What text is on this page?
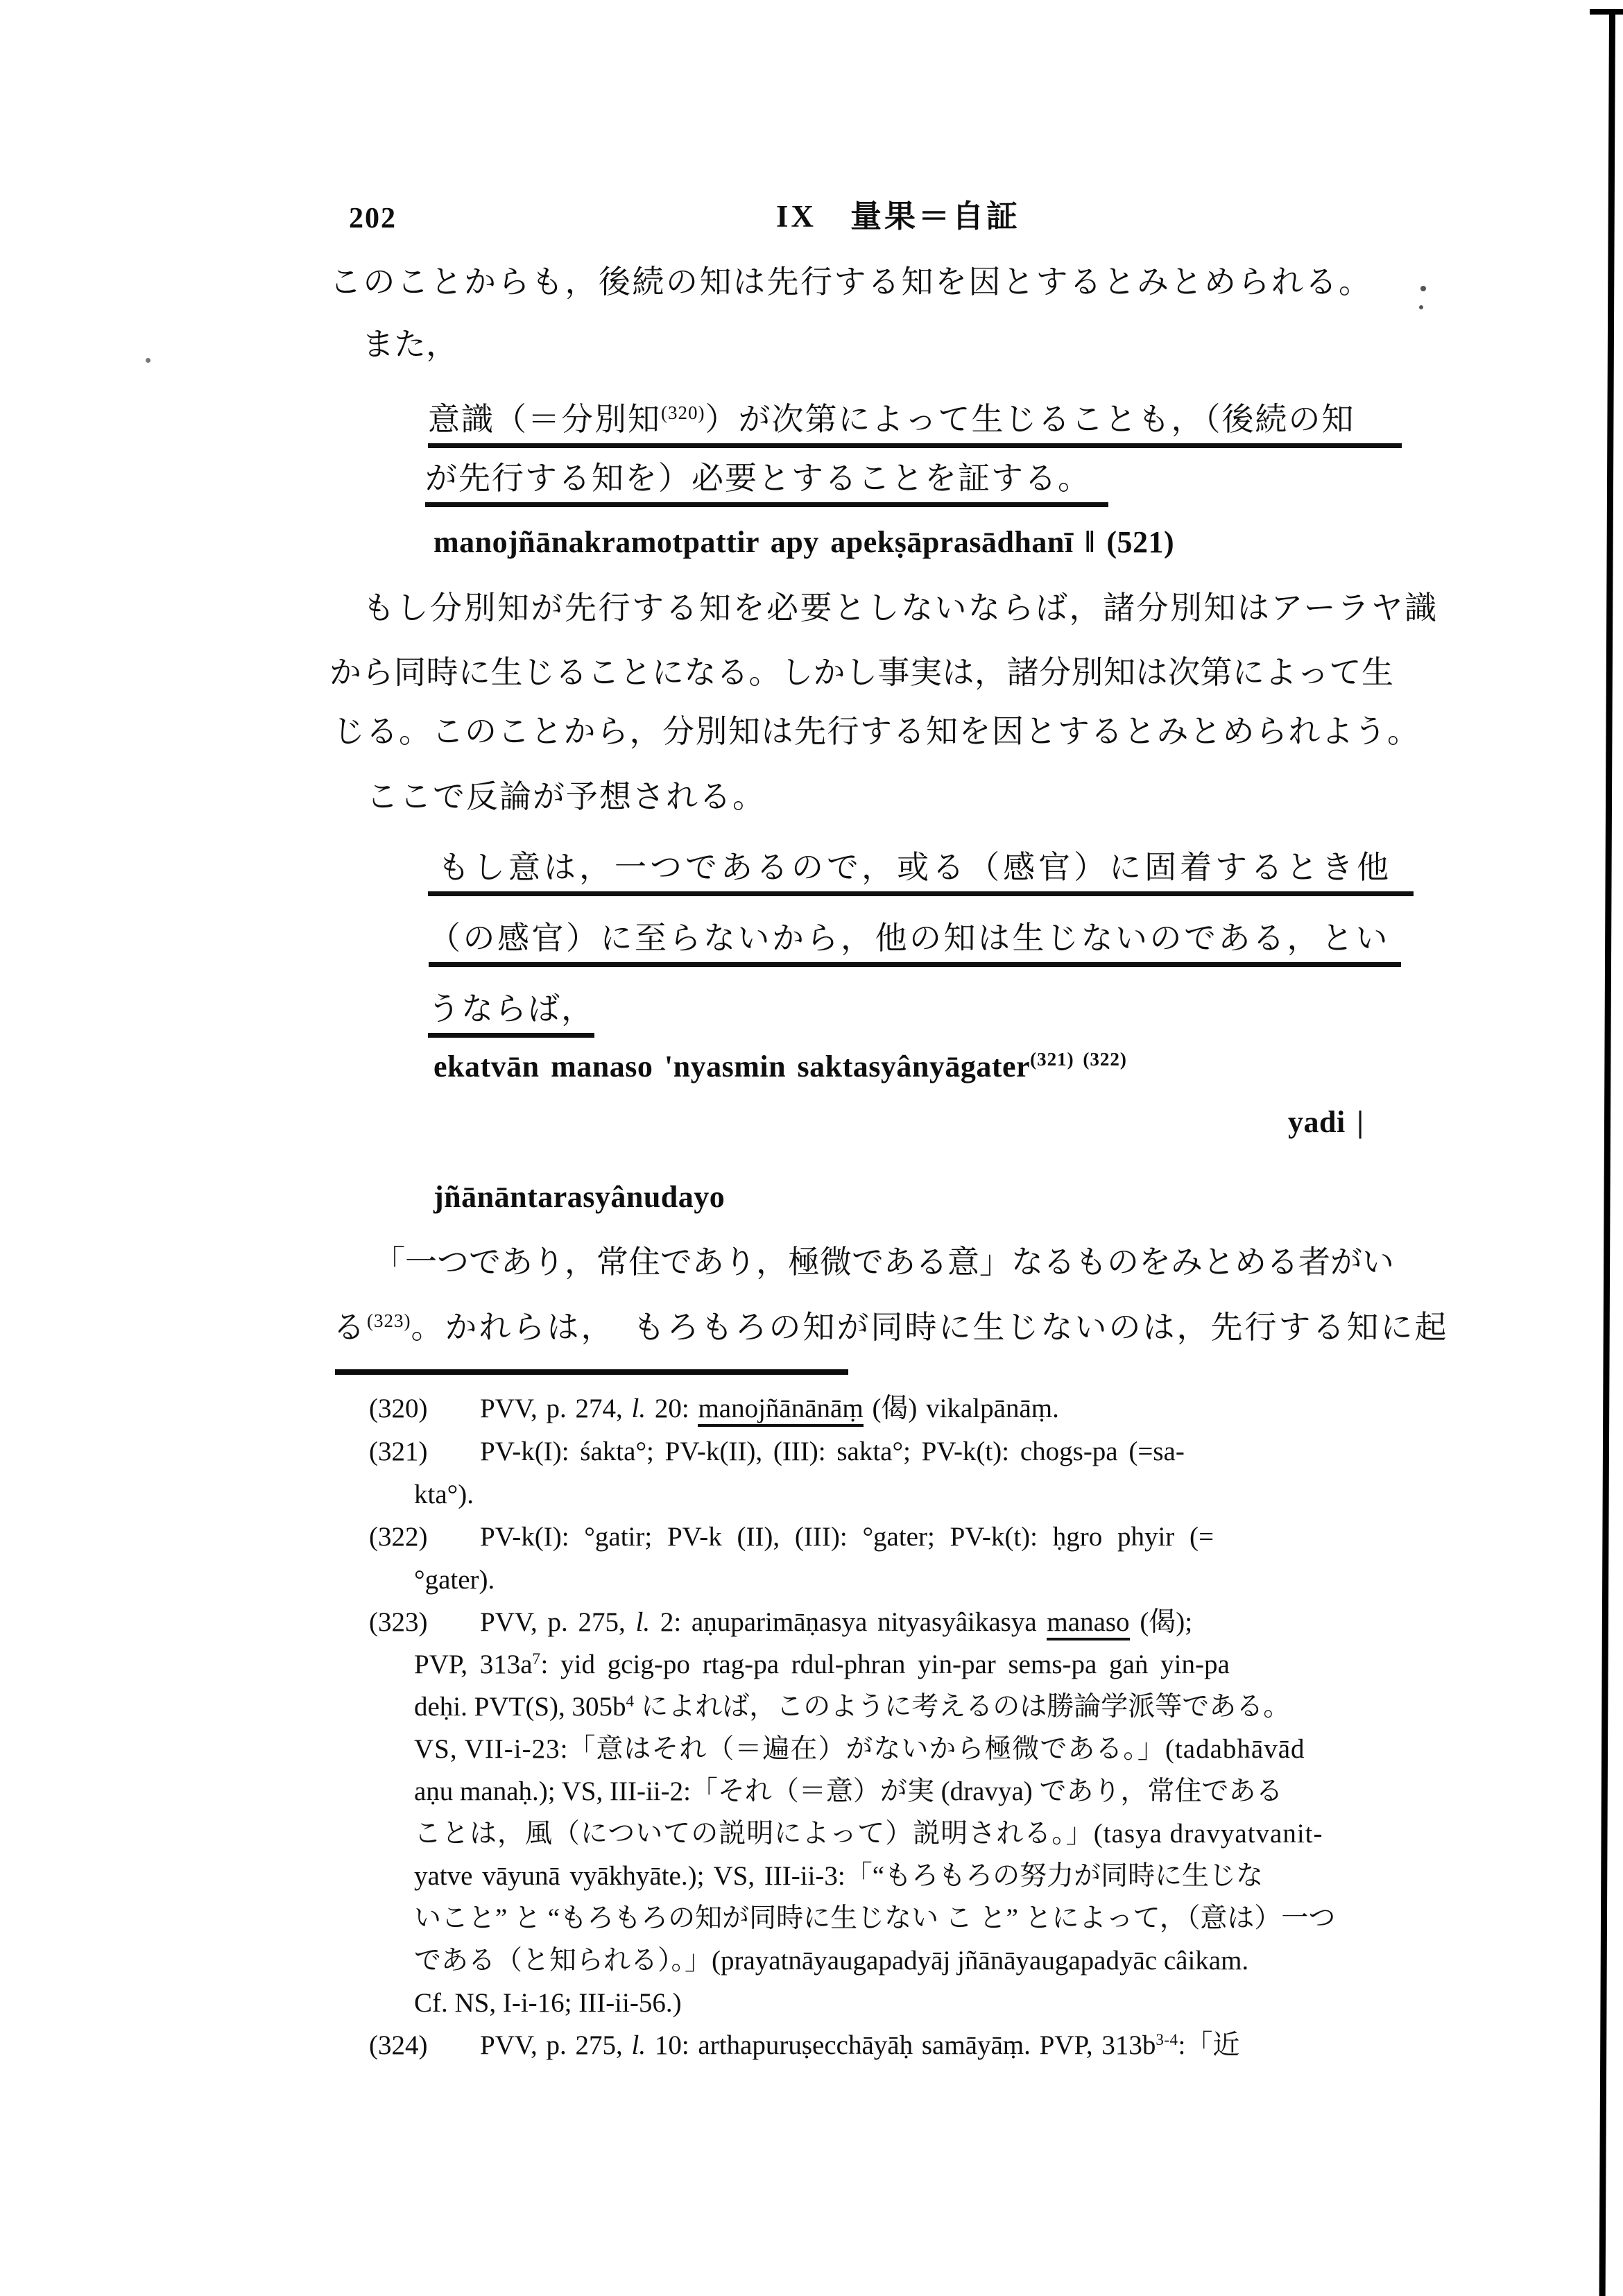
202	IX　量果＝自証
このことからも，後続の知は先行する知を因とするとみとめられる。
また，
意識（＝分別知$^{(320)}$）が次第によって生じることも，（後続の知
が先行する知を）必要とすることを証する。
manojñānakramotpattir apy apekṣāprasādhanī ‖ (521)
もし分別知が先行する知を必要としないならば，諸分別知はアーラヤ識
から同時に生じることになる。しかし事実は，諸分別知は次第によって生
じる。このことから，分別知は先行する知を因とするとみとめられよう。
ここで反論が予想される。
もし意は，一つであるので，或る（感官）に固着するとき他
（の感官）に至らないから，他の知は生じないのである，とい
うならば，
ekatvān manaso 'nyasmin saktasyânyāgater$^{(321) (322)}$
yadi |
jñānāntarasyânudayo
「一つであり，常住であり，極微である意」なるものをみとめる者がい
る$^{(323)}$。かれらは，　もろもろの知が同時に生じないのは，先行する知に起
(320) PVV, p. 274, l. 20: manojñānānāṃ (偈) vikalpānāṃ.
(321) PV-k(I): śakta°; PV-k(II), (III): sakta°; PV-k(t): chogs-pa (=sa-
kta°).
(322) PV-k(I): °gatir; PV-k (II), (III): °gater; PV-k(t): ḥgro phyir (=
°gater).
(323) PVV, p. 275, l. 2: aṇuparimāṇasya nityasyâikasya manaso (偈);
PVP, $313a^7$: yid gcig-po rtag-pa rdul-phran yin-par sems-pa gaṅ yin-pa
deḥi. PVT(S), $305b^4$ によれば，このように考えるのは勝論学派等である。
VS, VII-i-23:「意はそれ（＝遍在）がないから極微である。」(tadabhāvād
aṇu manaḥ.); VS, III-ii-2:「それ（＝意）が実 (dravya) であり，常住である
ことは，風（についての説明によって）説明される。」(tasya dravyatvanit-
yatve vāyunā vyākhyāte.); VS, III-ii-3:「“もろもろの努力が同時に生じな
いこと” と “もろもろの知が同時に生じない こ と” とによって，（意は）一つ
である（と知られる）。」(prayatnāyaugapadyāj jñānāyaugapadyāc câikam.
Cf. NS, I-i-16; III-ii-56.)
(324) PVV, p. 275, l. 10: arthapuruṣecchāyāḥ samāyāṃ. PVP, $313b^{3-4}$:「近
